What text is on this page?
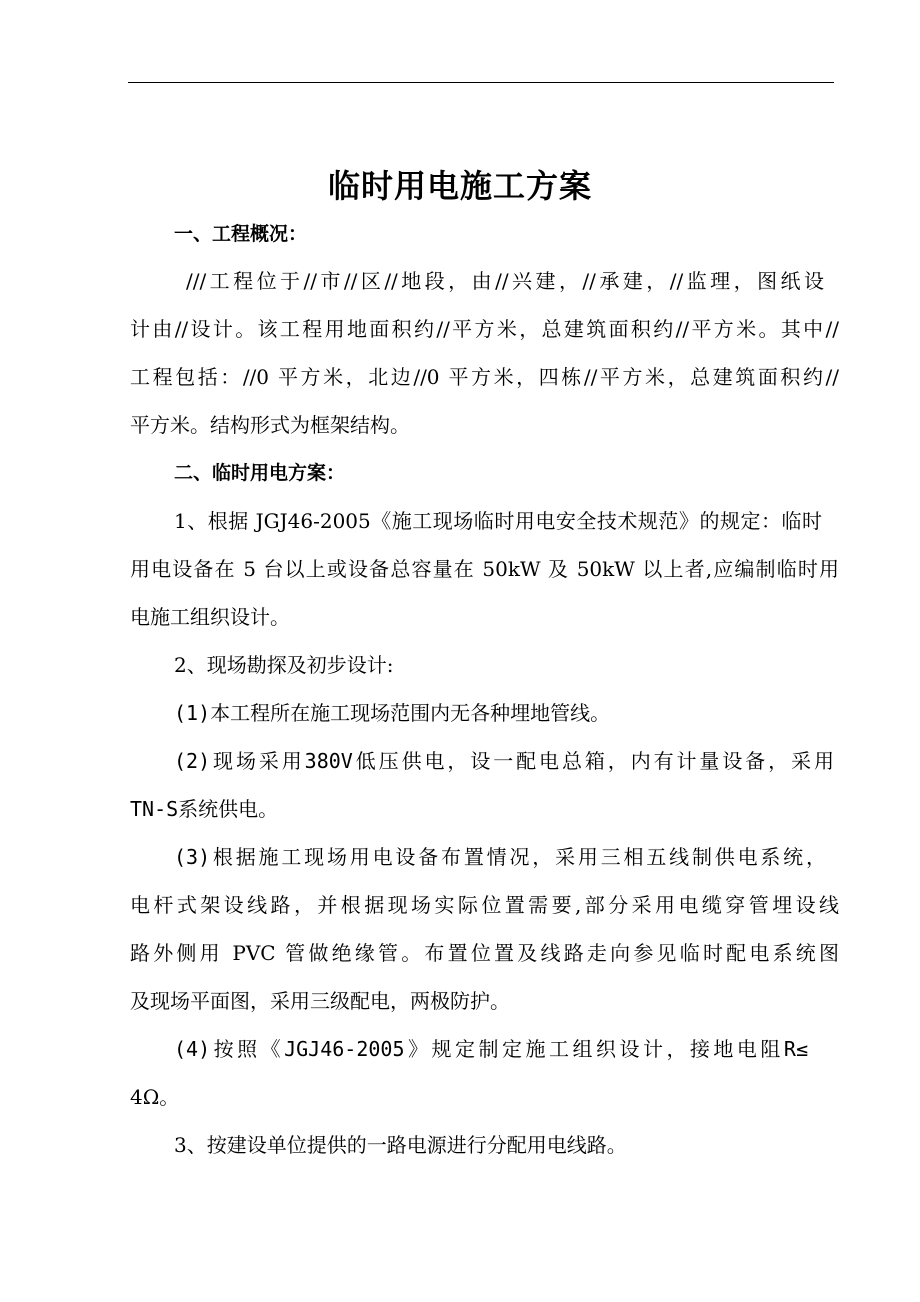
临时用电施工方案
一、工程概况：
///工程位于//市//区//地段，由//兴建，//承建，//监理，图纸设
计由//设计。该工程用地面积约//平方米，总建筑面积约//平方米。其中//
工程包括：//0 平方米，北边//0 平方米，四栋//平方米，总建筑面积约//
平方米。结构形式为框架结构。
二、临时用电方案：
1、根据 JGJ46-2005《施工现场临时用电安全技术规范》的规定：临时
用电设备在 5 台以上或设备总容量在 50kW 及 50kW 以上者,应编制临时用
电施工组织设计。
2、现场勘探及初步设计:
(1)本工程所在施工现场范围内无各种埋地管线。
(2)现场采用380V低压供电，设一配电总箱，内有计量设备，采用
TN-S系统供电。
(3)根据施工现场用电设备布置情况，采用三相五线制供电系统，
电杆式架设线路，并根据现场实际位置需要,部分采用电缆穿管埋设线
路外侧用 PVC 管做绝缘管。布置位置及线路走向参见临时配电系统图
及现场平面图，采用三级配电，两极防护。
(4)按照《JGJ46-2005》规定制定施工组织设计，接地电阻R≤
4Ω。
3、按建设单位提供的一路电源进行分配用电线路。
